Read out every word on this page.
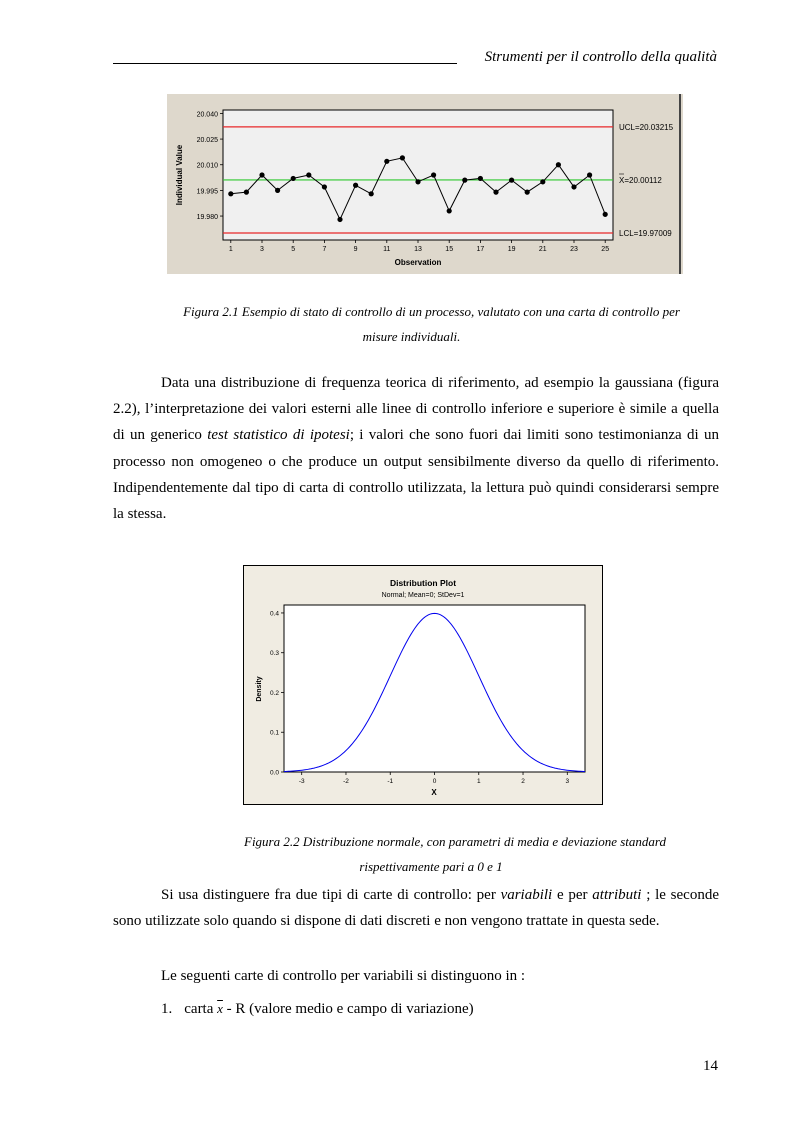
Strumenti per il controllo della qualità
19.980
19.995
20.010
20.025
20.040
1	3	5	7	9	11	13	15	17	19	21	23	25
UCL=20.03215
X=20.00112
LCL=19.97009
Observation
Individual Value
Figura 2.1 Esempio di stato di controllo di un processo, valutato con una carta di controllo per
misure individuali.

Data una distribuzione di frequenza teorica di riferimento, ad esempio la gaussiana (figura 2.2), l’interpretazione dei valori esterni alle linee di controllo inferiore e superiore è simile a quella di un generico test statistico di ipotesi; i valori che sono fuori dai limiti sono testimonianza di un processo non omogeneo o che produce un output sensibilmente diverso da quello di riferimento. Indipendentemente dal tipo di carta di controllo utilizzata, la lettura può quindi considerarsi sempre la stessa.

Distribution Plot
Normal; Mean=0; StDev=1
0.0
0.1
0.2
0.3
0.4
-3	-2	-1	0	1	2	3
X
Density
Figura 2.2 Distribuzione normale, con parametri di media e deviazione standard
rispettivamente pari a 0 e 1

Si usa distinguere fra due tipi di carte di controllo: per variabili e per attributi ; le seconde sono utilizzate solo quando si dispone di dati discreti e non vengono trattate in questa sede.

Le seguenti carte di controllo per variabili si distinguono in :
1. carta $\overline{x}$ - R (valore medio e campo di variazione)
14
